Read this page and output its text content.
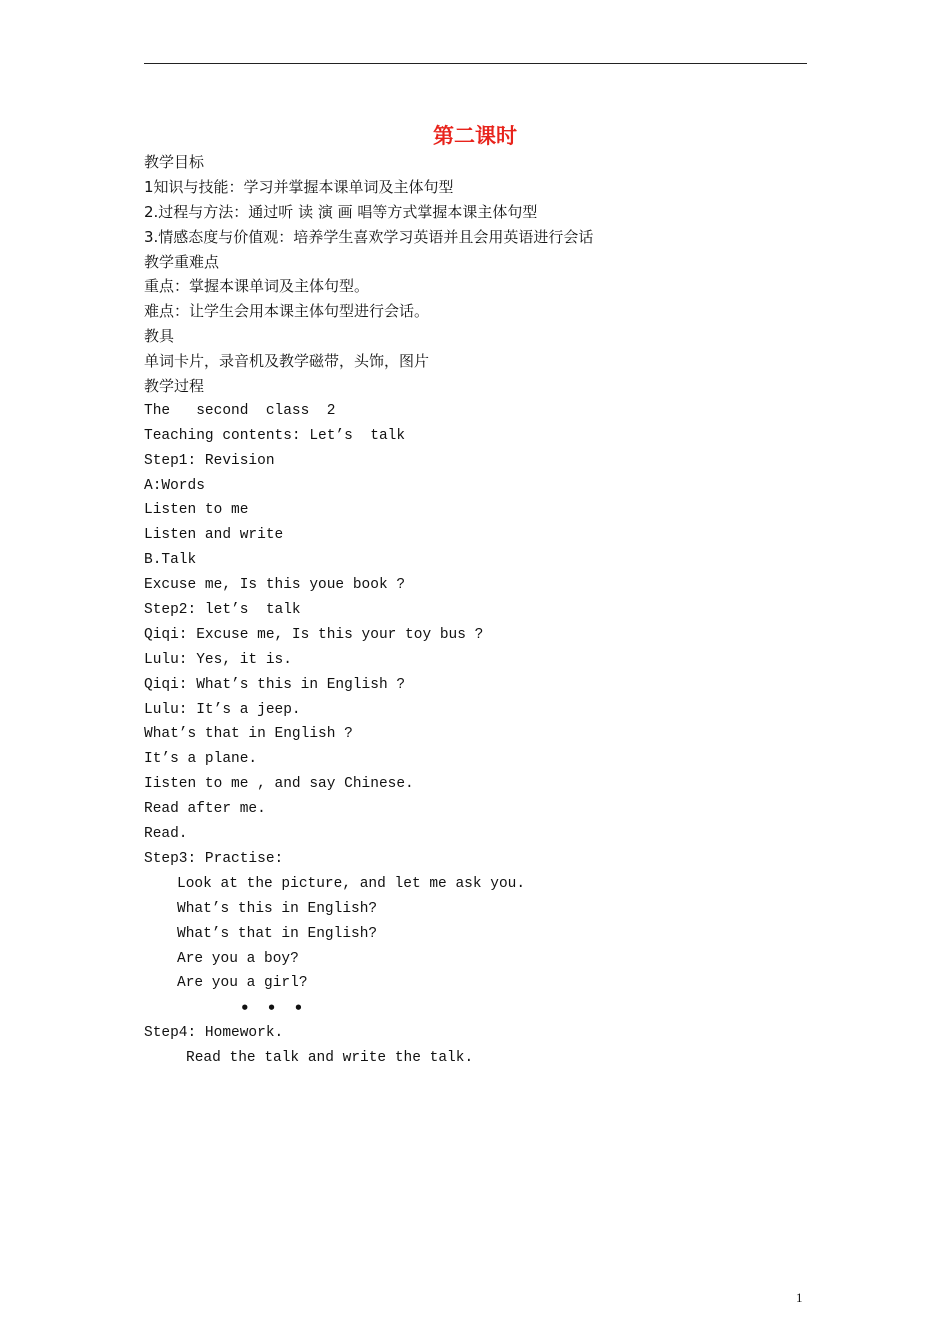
第二课时
教学目标
1知识与技能：学习并掌握本课单词及主体句型
2.过程与方法：通过听 读 演 画 唱等方式掌握本课主体句型
3.情感态度与价值观：培养学生喜欢学习英语并且会用英语进行会话
教学重难点
重点：掌握本课单词及主体句型。
难点：让学生会用本课主体句型进行会话。
教具
单词卡片，录音机及教学磁带，头饰，图片
教学过程
The   second  class  2
Teaching contents: Let’s  talk
Step1: Revision
A:Words
Listen to me
Listen and write
B.Talk
Excuse me, Is this youe book ?
Step2: let’s  talk
Qiqi: Excuse me, Is this your toy bus ?
Lulu: Yes, it is.
Qiqi: What’s this in English ?
Lulu: It’s a jeep.
What’s that in English ?
It’s a plane.
Iisten to me , and say Chinese.
Read after me.
Read.
Step3: Practise:
Look at the picture, and let me ask you.
What’s this in English?
What’s that in English?
Are you a boy?
Are you a girl?
• • •
Step4: Homework.
Read the talk and write the talk.
1
